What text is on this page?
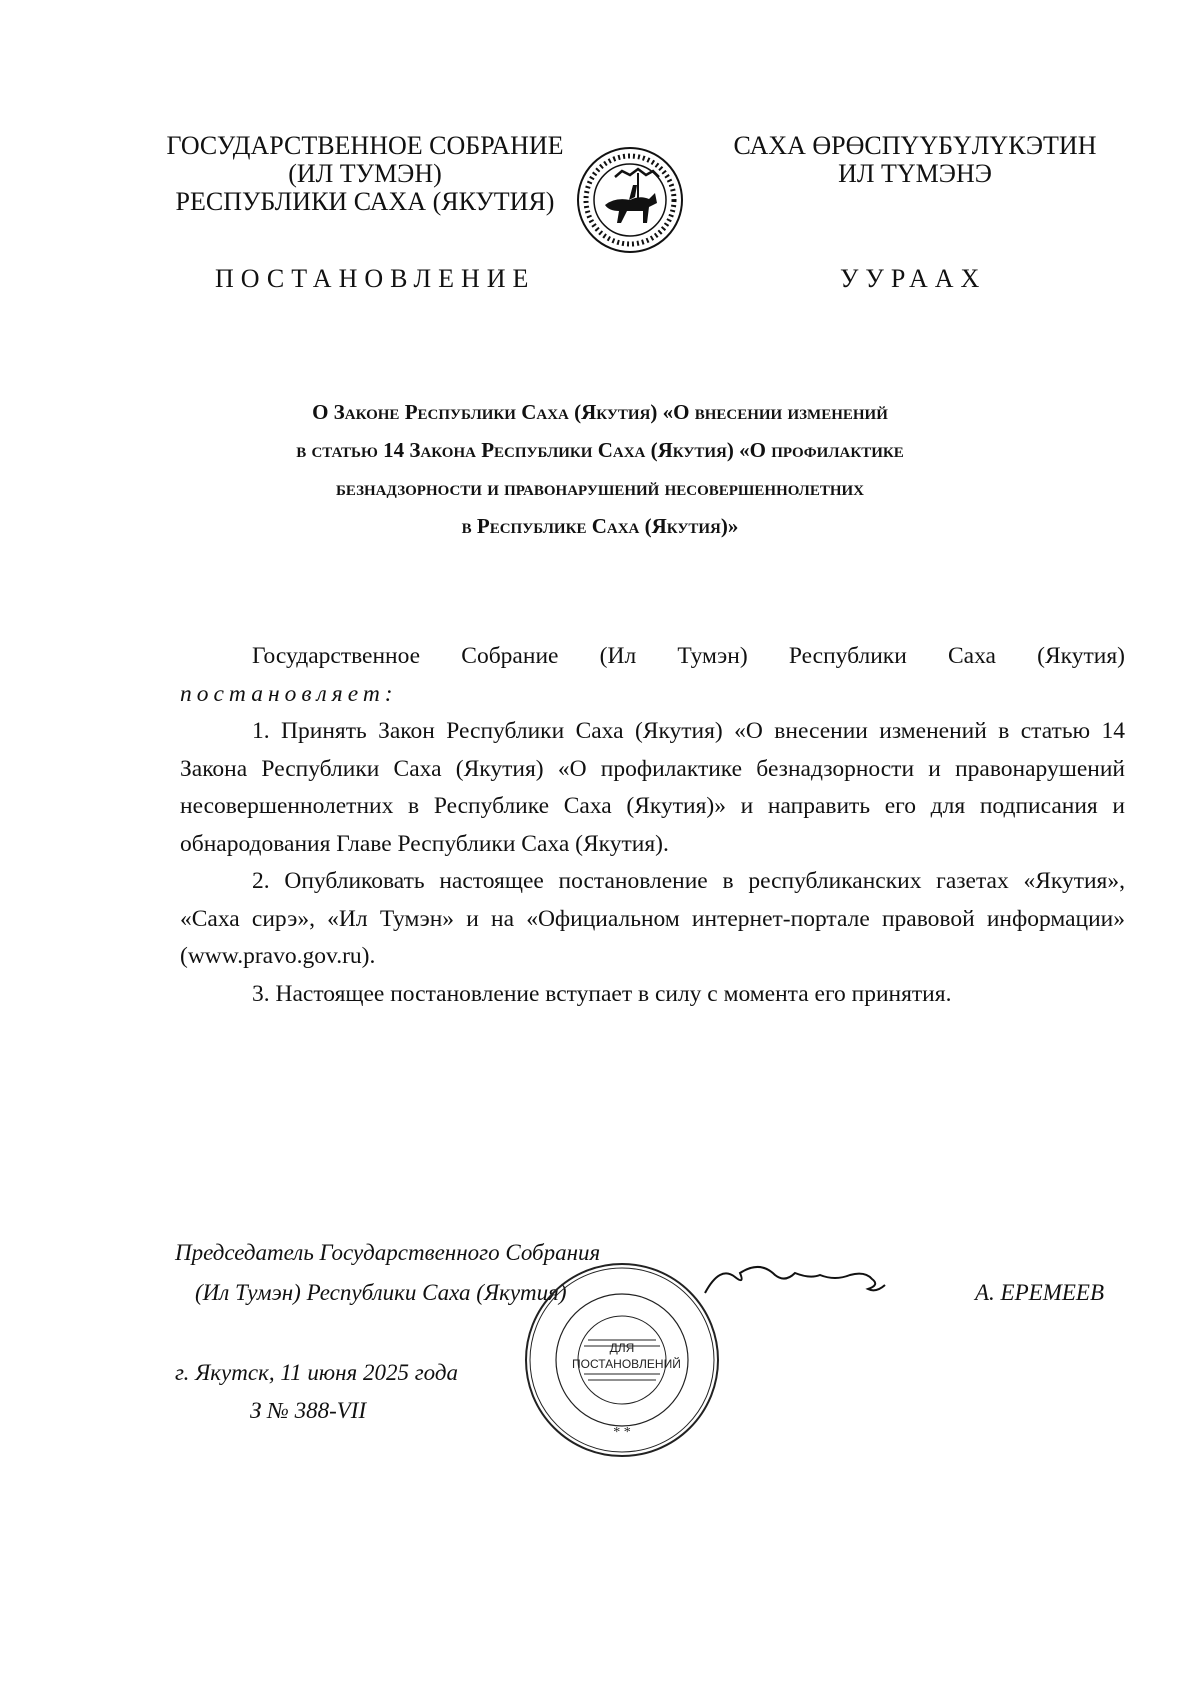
ГОСУДАРСТВЕННОЕ СОБРАНИЕ
(ИЛ ТУМЭН)
РЕСПУБЛИКИ САХА (ЯКУТИЯ)
САХА ӨРӨСПҮҮБҮЛҮКЭТИН
ИЛ ТҮМЭНЭ
ПОСТАНОВЛЕНИЕ	УУРААХ
О Законе Республики Саха (Якутия) «О внесении изменений
в статью 14 Закона Республики Саха (Якутия) «О профилактике
безнадзорности и правонарушений несовершеннолетних
в Республике Саха (Якутия)»

Государственное Собрание (Ил Тумэн) Республики Саха (Якутия)

постановляет:

1. Принять Закон Республики Саха (Якутия) «О внесении изменений в статью 14 Закона Республики Саха (Якутия) «О профилактике безнадзорности и правонарушений несовершеннолетних в Республике Саха (Якутия)» и направить его для подписания и обнародования Главе Республики Саха (Якутия).

2. Опубликовать настоящее постановление в республиканских газетах «Якутия», «Саха сирэ», «Ил Тумэн» и на «Официальном интернет-портале правовой информации» (www.pravo.gov.ru).

3. Настоящее постановление вступает в силу с момента его принятия.

Председатель Государственного Собрания
(Ил Тумэн) Республики Саха (Якутия)	А. ЕРЕМЕЕВ
г. Якутск, 11 июня 2025 года
З № 388-VII
* *
ДЛЯ
ПОСТАНОВЛЕНИЙ
